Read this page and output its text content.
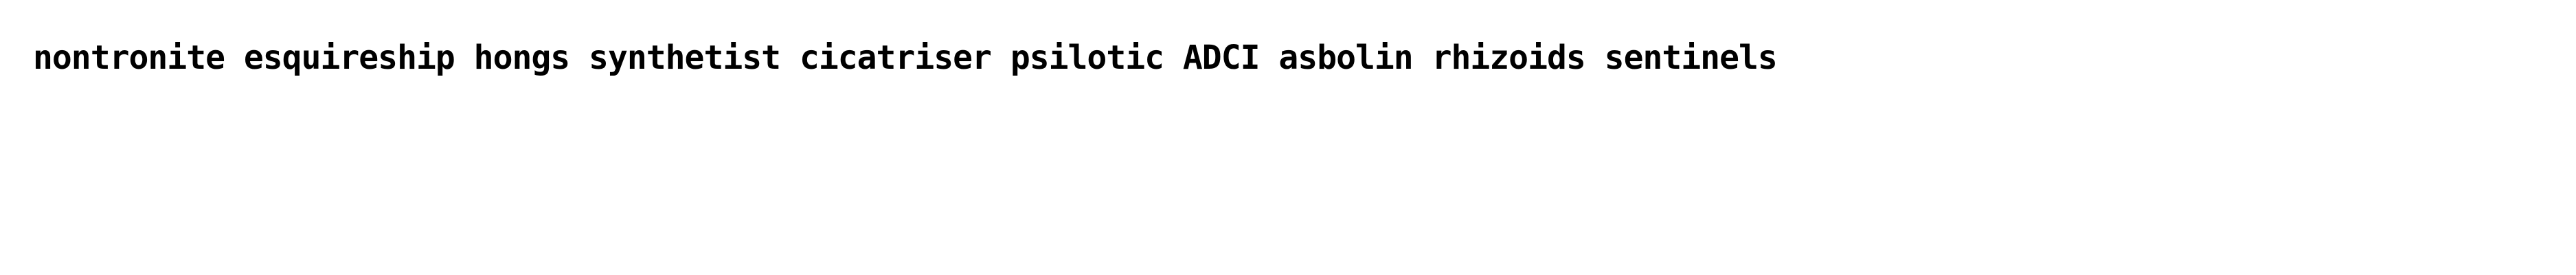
nontronite esquireship hongs synthetist cicatriser psilotic ADCI asbolin rhizoids sentinels
